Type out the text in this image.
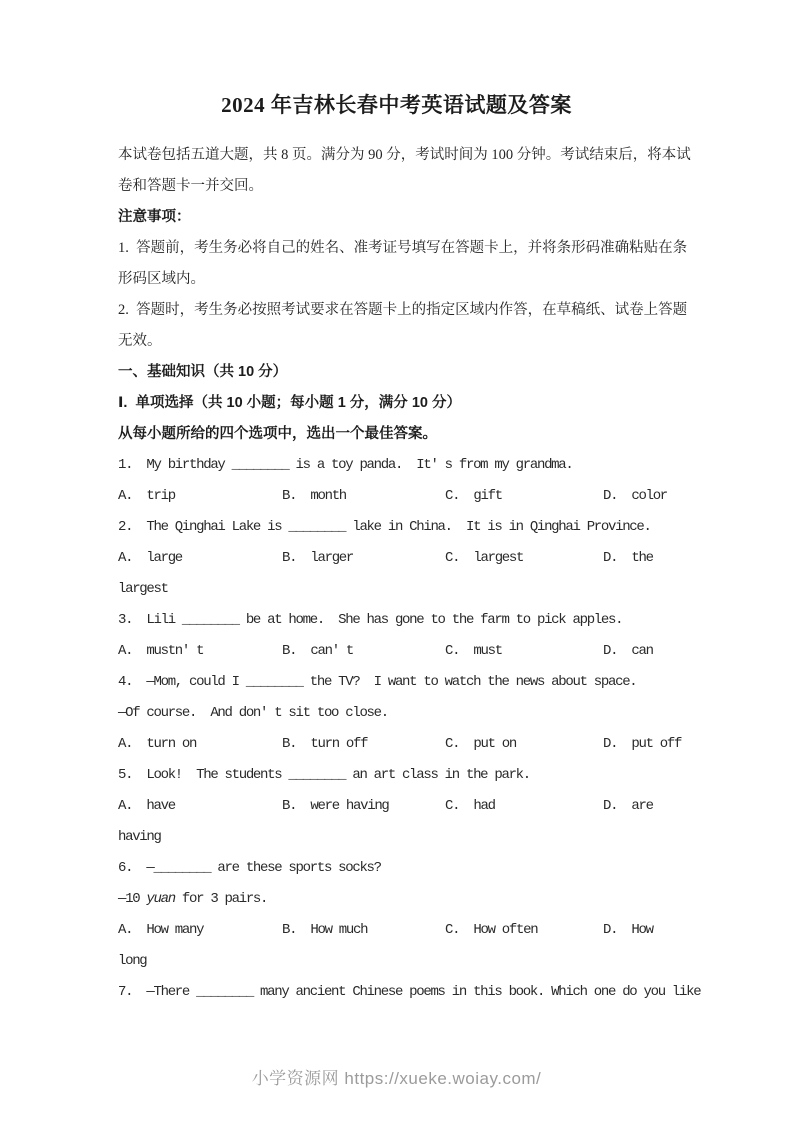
2024 年吉林长春中考英语试题及答案
本试卷包括五道大题，共 8 页。满分为 90 分，考试时间为 100 分钟。考试结束后，将本试
卷和答题卡一并交回。
注意事项：
1.  答题前，考生务必将自己的姓名、准考证号填写在答题卡上，并将条形码准确粘贴在条
形码区域内。
2.  答题时，考生务必按照考试要求在答题卡上的指定区域内作答，在草稿纸、试卷上答题
无效。
一、基础知识（共 10 分）
Ⅰ.  单项选择（共 10 小题；每小题 1 分，满分 10 分）
从每小题所给的四个选项中，选出一个最佳答案。
1.  My birthday ________ is a toy panda.  It' s from my grandma.
A.  trip	B.  month	C.  gift	D.  color
2.  The Qinghai Lake is ________ lake in China.  It is in Qinghai Province.
A.  large	B.  larger	C.  largest	D.  the
largest
3.  Lili ________ be at home.  She has gone to the farm to pick apples.
A.  mustn' t	B.  can' t	C.  must	D.  can
4.  —Mom, could I ________ the TV?  I want to watch the news about space.
—Of course.  And don' t sit too close.
A.  turn on	B.  turn off	C.  put on	D.  put off
5.  Look!  The students ________ an art class in the park.
A.  have	B.  were having	C.  had	D.  are
having
6.  —________ are these sports socks?
—10 yuan for 3 pairs.
A.  How many	B.  How much	C.  How often	D.  How
long
7.  —There ________ many ancient Chinese poems in this book. Which one do you like
小学资源网 https://xueke.woiay.com/
